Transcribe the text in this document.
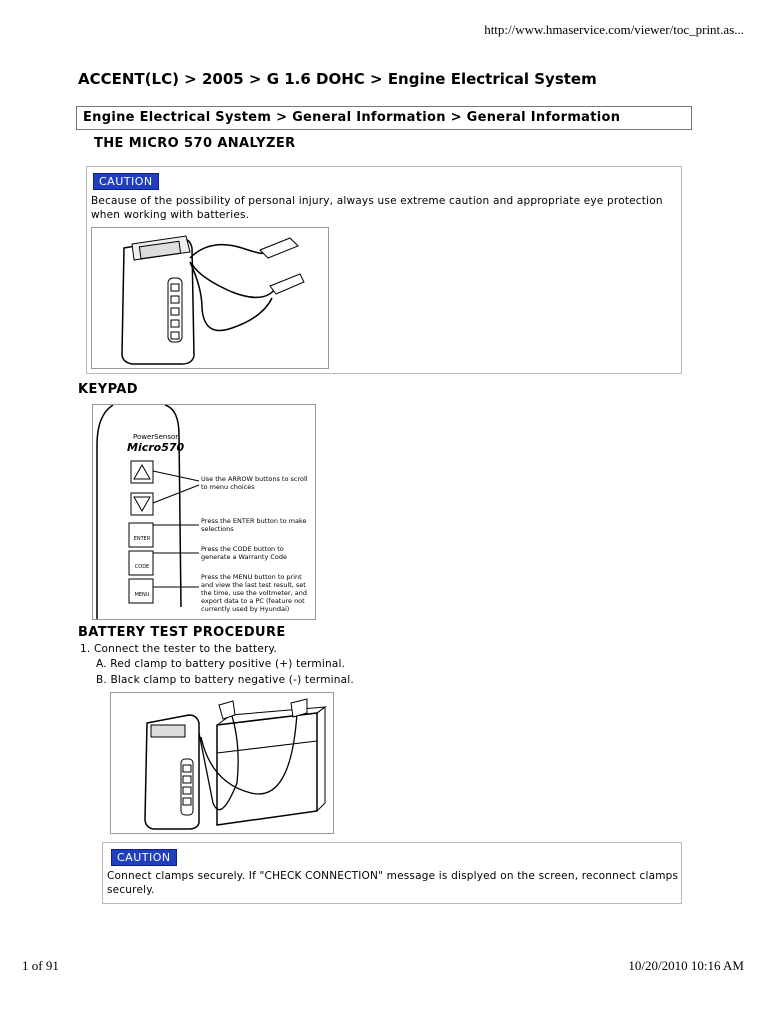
http://www.hmaservice.com/viewer/toc_print.as...
ACCENT(LC) > 2005 > G 1.6 DOHC > Engine Electrical System
Engine Electrical System > General Information > General Information
THE MICRO 570 ANALYZER
CAUTION
Because of the possibility of personal injury, always use extreme caution and appropriate eye protection when working with batteries.
KEYPAD
PowerSensor
Micro570
ENTER
CODE
MENU
Use the ARROW buttons to scroll to menu choices
Press the ENTER button to make selections
Press the CODE button to generate a Warranty Code
Press the MENU button to print and view the last test result, set the time, use the voltmeter, and export data to a PC (feature not currently used by Hyundai)
BATTERY TEST PROCEDURE
1. Connect the tester to the battery.
A. Red clamp to battery positive (+) terminal.
B. Black clamp to battery negative (-) terminal.
CAUTION
Connect clamps securely. If "CHECK CONNECTION" message is displyed on the screen, reconnect clamps securely.
1 of 91	10/20/2010 10:16 AM
